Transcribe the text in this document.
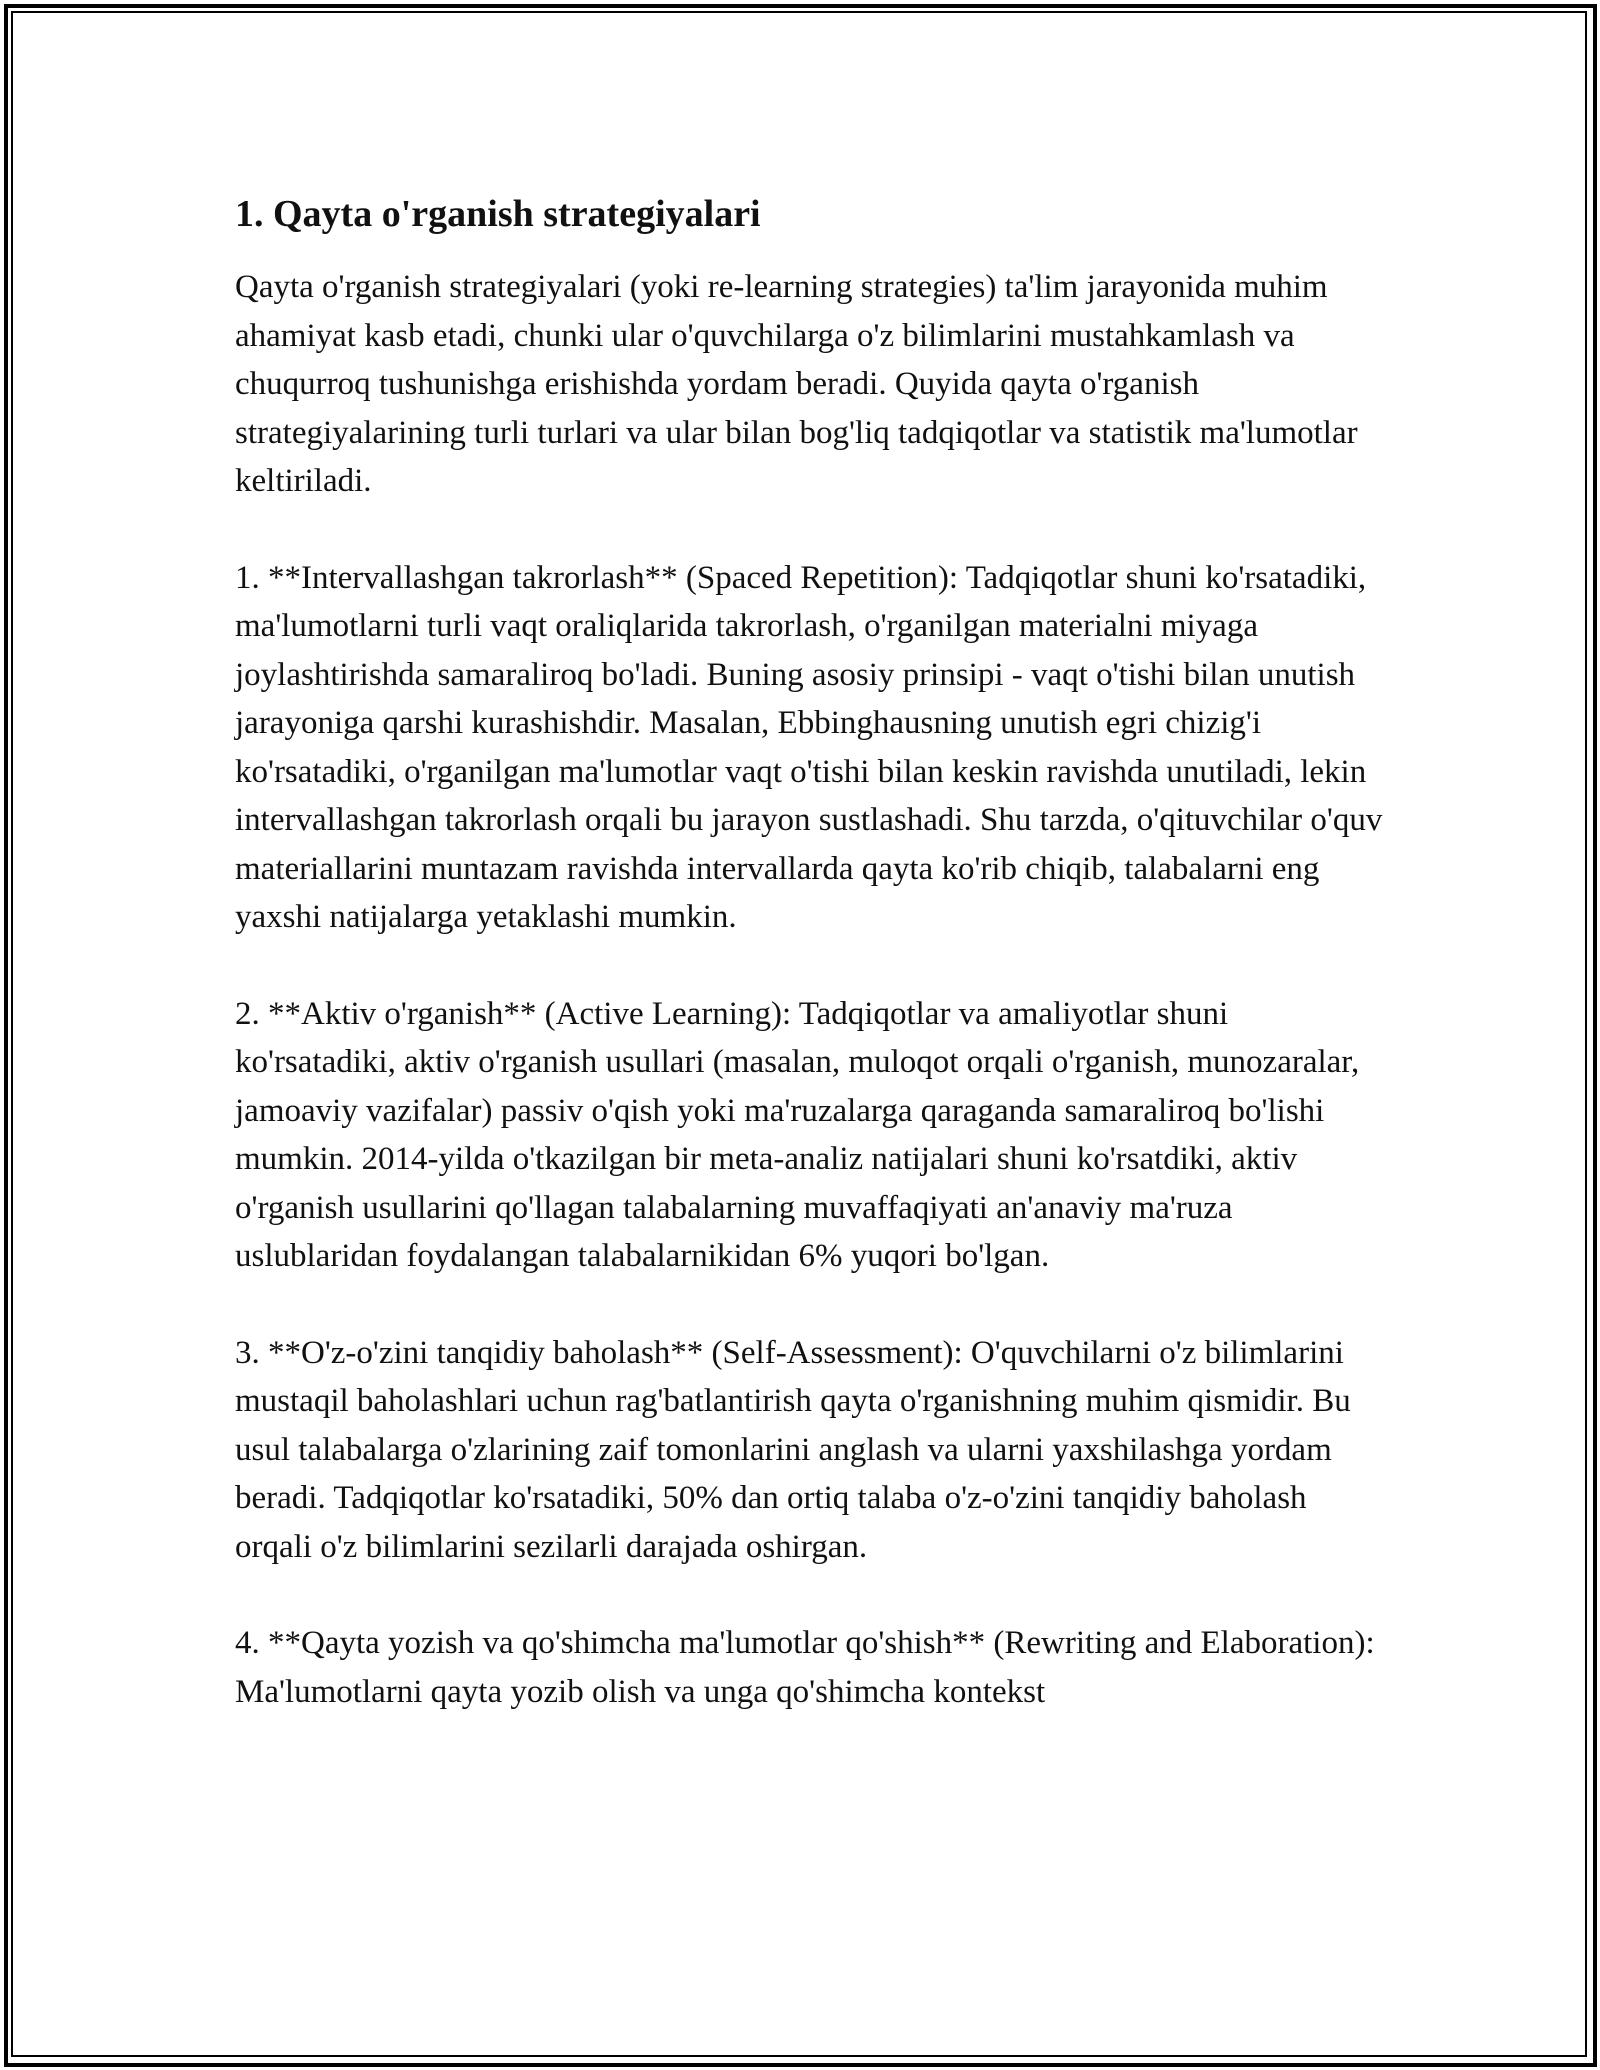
1. Qayta o'rganish strategiyalari

Qayta o'rganish strategiyalari (yoki re-learning strategies) ta'lim jarayonida muhim ahamiyat kasb etadi, chunki ular o'quvchilarga o'z bilimlarini mustahkamlash va chuqurroq tushunishga erishishda yordam beradi. Quyida qayta o'rganish strategiyalarining turli turlari va ular bilan bog'liq tadqiqotlar va statistik ma'lumotlar keltiriladi.

1. **Intervallashgan takrorlash** (Spaced Repetition): Tadqiqotlar shuni ko'rsatadiki, ma'lumotlarni turli vaqt oraliqlarida takrorlash, o'rganilgan materialni miyaga joylashtirishda samaraliroq bo'ladi. Buning asosiy prinsipi - vaqt o'tishi bilan unutish jarayoniga qarshi kurashishdir. Masalan, Ebbinghausning unutish egri chizig'i ko'rsatadiki, o'rganilgan ma'lumotlar vaqt o'tishi bilan keskin ravishda unutiladi, lekin intervallashgan takrorlash orqali bu jarayon sustlashadi. Shu tarzda, o'qituvchilar o'quv materiallarini muntazam ravishda intervallarda qayta ko'rib chiqib, talabalarni eng yaxshi natijalarga yetaklashi mumkin.

2. **Aktiv o'rganish** (Active Learning): Tadqiqotlar va amaliyotlar shuni ko'rsatadiki, aktiv o'rganish usullari (masalan, muloqot orqali o'rganish, munozaralar, jamoaviy vazifalar) passiv o'qish yoki ma'ruzalarga qaraganda samaraliroq bo'lishi mumkin. 2014-yilda o'tkazilgan bir meta-analiz natijalari shuni ko'rsatdiki, aktiv o'rganish usullarini qo'llagan talabalarning muvaffaqiyati an'anaviy ma'ruza uslublaridan foydalangan talabalarnikidan 6% yuqori bo'lgan.

3. **O'z-o'zini tanqidiy baholash** (Self-Assessment): O'quvchilarni o'z bilimlarini mustaqil baholashlari uchun rag'batlantirish qayta o'rganishning muhim qismidir. Bu usul talabalarga o'zlarining zaif tomonlarini anglash va ularni yaxshilashga yordam beradi. Tadqiqotlar ko'rsatadiki, 50% dan ortiq talaba o'z-o'zini tanqidiy baholash orqali o'z bilimlarini sezilarli darajada oshirgan.

4. **Qayta yozish va qo'shimcha ma'lumotlar qo'shish** (Rewriting and Elaboration): Ma'lumotlarni qayta yozib olish va unga qo'shimcha kontekst
